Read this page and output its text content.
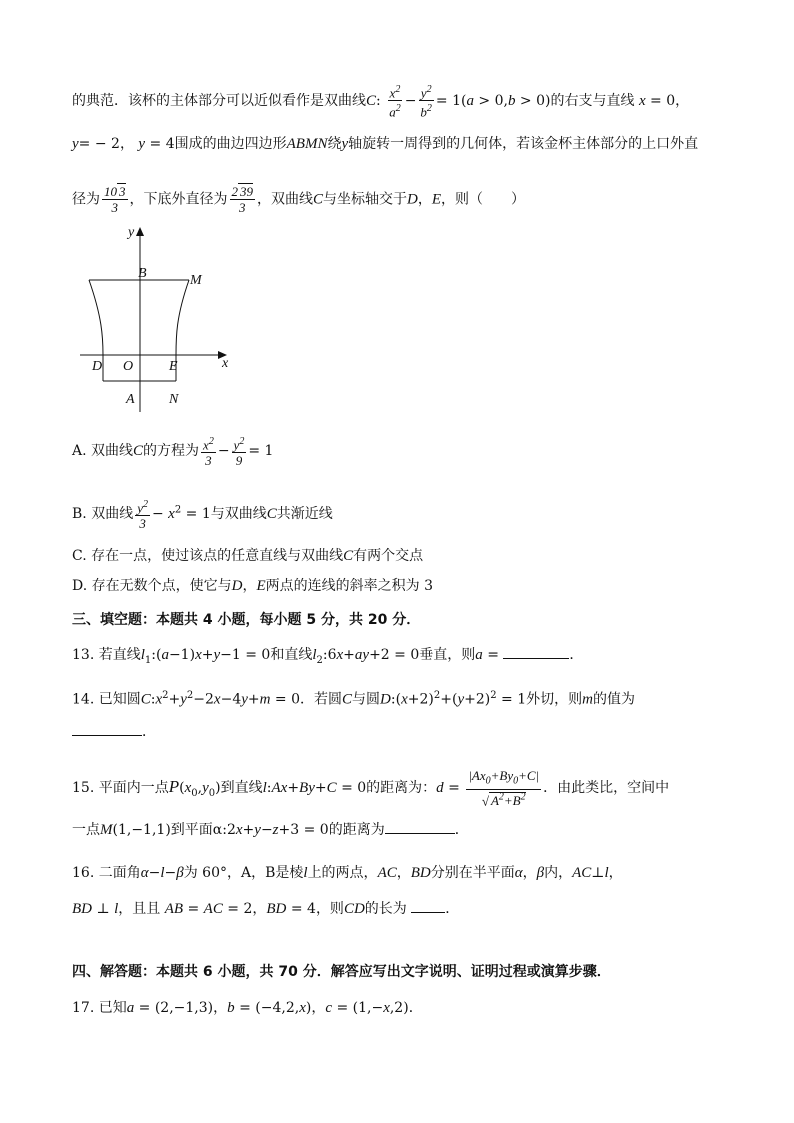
的典范．该杯的主体部分可以近似看作是双曲线C: $\frac{x^2}{a^2} - \frac{y^2}{b^2} = 1(a > 0,b > 0)$的右支与直线 x = 0，
y= − 2， y = 4围成的曲边四边形ABMN绕y轴旋转一周得到的几何体，若该金杯主体部分的上口外直
径为 $\frac{10 3}{3}$ ，下底外直径为 $\frac{2 39}{3}$ ，双曲线C与坐标轴交于D，E，则（　　）
y
x
B	M
D O	E
A N
A. 双曲线C的方程为 $\frac{x^2}{3} - \frac{y^2}{9} = 1$
B. 双曲线 $\frac{y^2}{3} - x^2 = 1$与双曲线C共渐近线
C. 存在一点，使过该点的任意直线与双曲线C有两个交点
D. 存在无数个点，使它与D，E两点的连线的斜率之积为 3
三、填空题：本题共 4 小题，每小题 5 分，共 20 分．
13. 若直线$l_1:(a-1)x+y-1 = 0$和直线$l_2:6x+ay+2 = 0$垂直，则a =	．
14. 已知圆$C:x^2+y^2-2x-4y+m = 0$．若圆C与圆$D:(x+2)^2+(y+2)^2 = 1$外切，则m的值为
．
15. 平面内一点$P(x_0,y_0)$到直线l:Ax+By+C = 0的距离为：$d = \frac{|Ax_0+By_0+C|}{√ A^2+B^2}$ ．由此类比，空间中
一点M(1,−1,1)到平面α:2x+y−z+3 = 0的距离为	．
16. 二面角α−l−β为 60°，A，B是棱l上的两点，AC，BD分别在半平面α，β内，AC⊥l，
BD ⊥ l，且且 AB = AC = 2，BD = 4，则CD的长为	．
四、解答题：本题共 6 小题，共 70 分．解答应写出文字说明、证明过程或演算步骤．
17. 已知a = (2,−1,3)，b = (−4,2,x)，c = (1,−x,2)．
